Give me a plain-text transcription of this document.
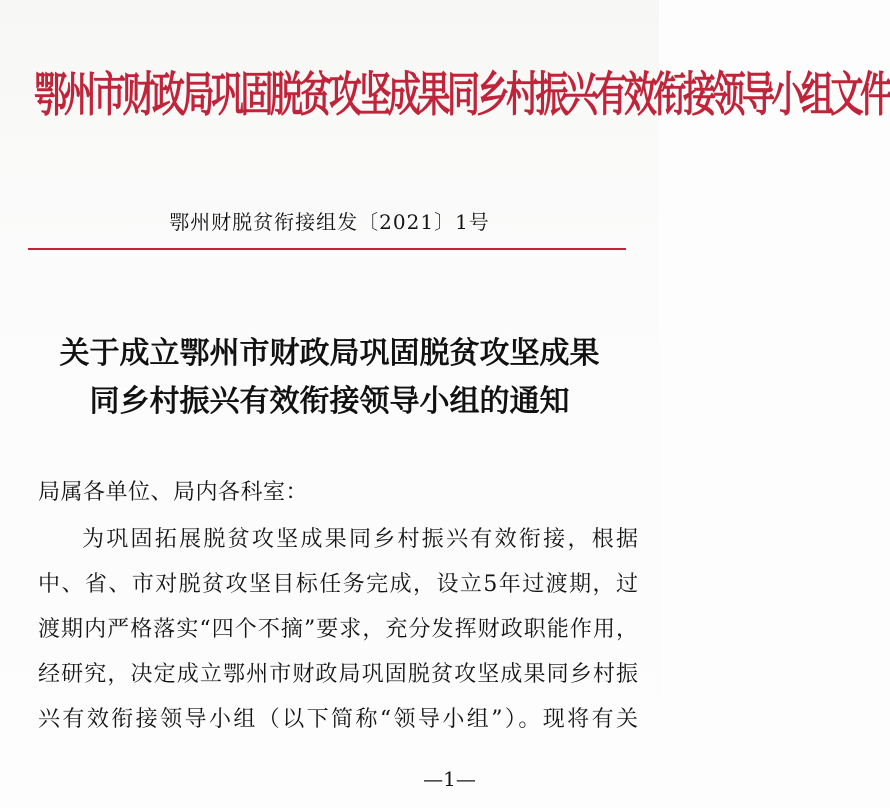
鄂州市财政局巩固脱贫攻坚成果同乡村振兴有效衔接领导小组文件
鄂州财脱贫衔接组发〔2021〕1号
关于成立鄂州市财政局巩固脱贫攻坚成果
同乡村振兴有效衔接领导小组的通知
局属各单位、局内各科室：
为巩固拓展脱贫攻坚成果同乡村振兴有效衔接，根据
中、省、市对脱贫攻坚目标任务完成，设立5年过渡期，过
渡期内严格落实“四个不摘”要求，充分发挥财政职能作用，
经研究，决定成立鄂州市财政局巩固脱贫攻坚成果同乡村振
兴有效衔接领导小组（以下简称“领导小组”）。现将有关
—1—
